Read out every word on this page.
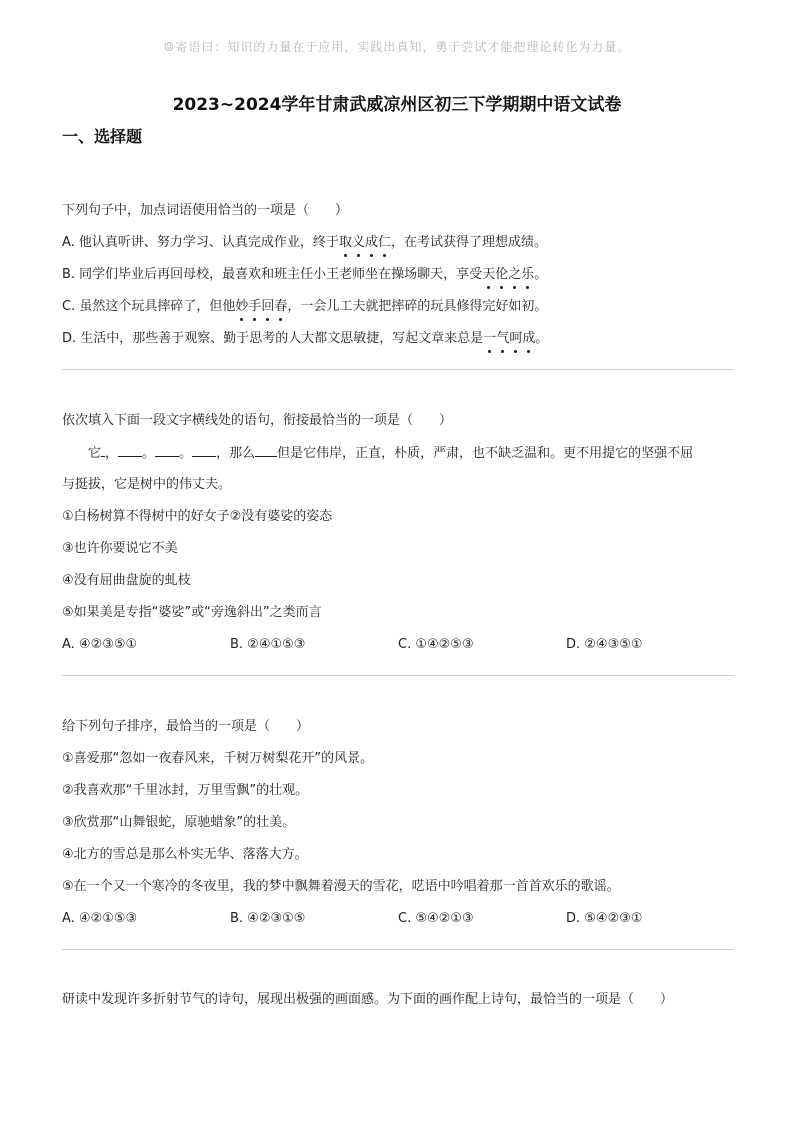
☺寄语曰：知识的力量在于应用，实践出真知，勇于尝试才能把理论转化为力量。
2023~2024学年甘肃武威凉州区初三下学期期中语文试卷
一、选择题
下列句子中，加点词语使用恰当的一项是（　　）
A. 他认真听讲、努力学习、认真完成作业，终于取义成仁，在考试获得了理想成绩。
B. 同学们毕业后再回母校，最喜欢和班主任小王老师坐在操场聊天，享受天伦之乐。
C. 虽然这个玩具摔碎了，但他妙手回春，一会儿工夫就把摔碎的玩具修得完好如初。
D. 生活中，那些善于观察、勤于思考的人大都文思敏捷，写起文章来总是一气呵成。
依次填入下面一段文字横线处的语句，衔接最恰当的一项是（　　）
它 ， 。 。 ，那么 但是它伟岸，正直，朴质，严肃，也不缺乏温和。更不用提它的坚强不屈
与挺拔，它是树中的伟丈夫。
①白杨树算不得树中的好女子②没有婆娑的姿态
③也许你要说它不美
④没有屈曲盘旋的虬枝
⑤如果美是专指“婆娑”或“旁逸斜出”之类而言
A. ④②③⑤①	B. ②④①⑤③	C. ①④②⑤③	D. ②④③⑤①
给下列句子排序，最恰当的一项是（　　）
①喜爱那“忽如一夜春风来，千树万树梨花开”的风景。
②我喜欢那“千里冰封，万里雪飘”的壮观。
③欣赏那“山舞银蛇，原驰蜡象”的壮美。
④北方的雪总是那么朴实无华、落落大方。
⑤在一个又一个寒冷的冬夜里，我的梦中飘舞着漫天的雪花，呓语中吟唱着那一首首欢乐的歌谣。
A. ④②①⑤③	B. ④②③①⑤	C. ⑤④②①③	D. ⑤④②③①
研读中发现许多折射节气的诗句，展现出极强的画面感。为下面的画作配上诗句，最恰当的一项是（　　）
